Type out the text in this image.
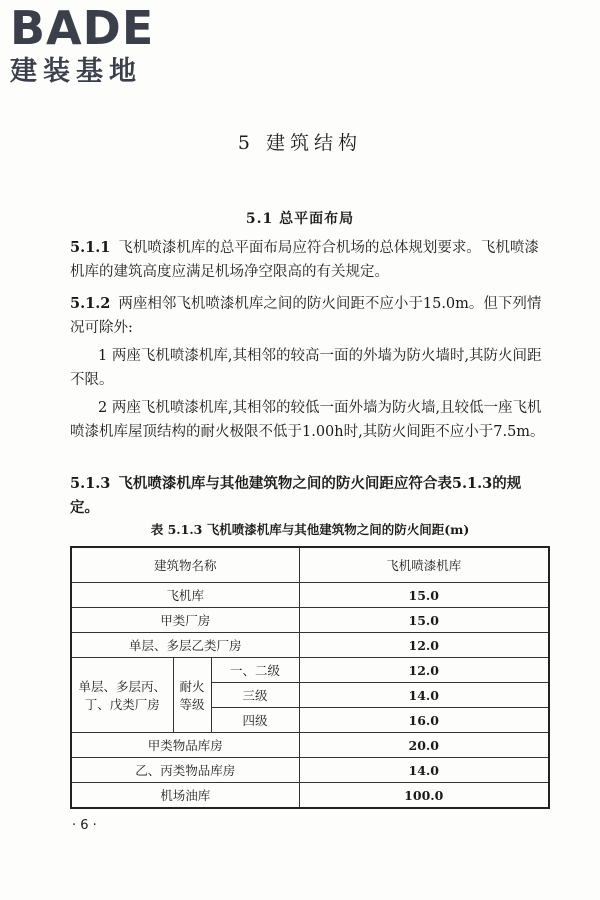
BADE
建装基地
5 建筑结构
5.1 总平面布局

5.1.1 飞机喷漆机库的总平面布局应符合机场的总体规划要求。飞机喷漆机库的建筑高度应满足机场净空限高的有关规定。

5.1.2 两座相邻飞机喷漆机库之间的防火间距不应小于15.0m。但下列情况可除外:

1 两座飞机喷漆机库,其相邻的较高一面的外墙为防火墙时,其防火间距不限。

2 两座飞机喷漆机库,其相邻的较低一面外墙为防火墙,且较低一座飞机喷漆机库屋顶结构的耐火极限不低于1.00h时,其防火间距不应小于7.5m。

5.1.3 飞机喷漆机库与其他建筑物之间的防火间距应符合表5.1.3的规定。

表 5.1.3 飞机喷漆机库与其他建筑物之间的防火间距(m)
建筑物名称			飞机喷漆机库
飞机库			15.0
甲类厂房			15.0
单层、多层乙类厂房			12.0
单层、多层丙、丁、戊类厂房	耐火等级	一、二级	12.0
		三级	14.0
		四级	16.0
甲类物品库房			20.0
乙、丙类物品库房			14.0
机场油库			100.0
· 6 ·
